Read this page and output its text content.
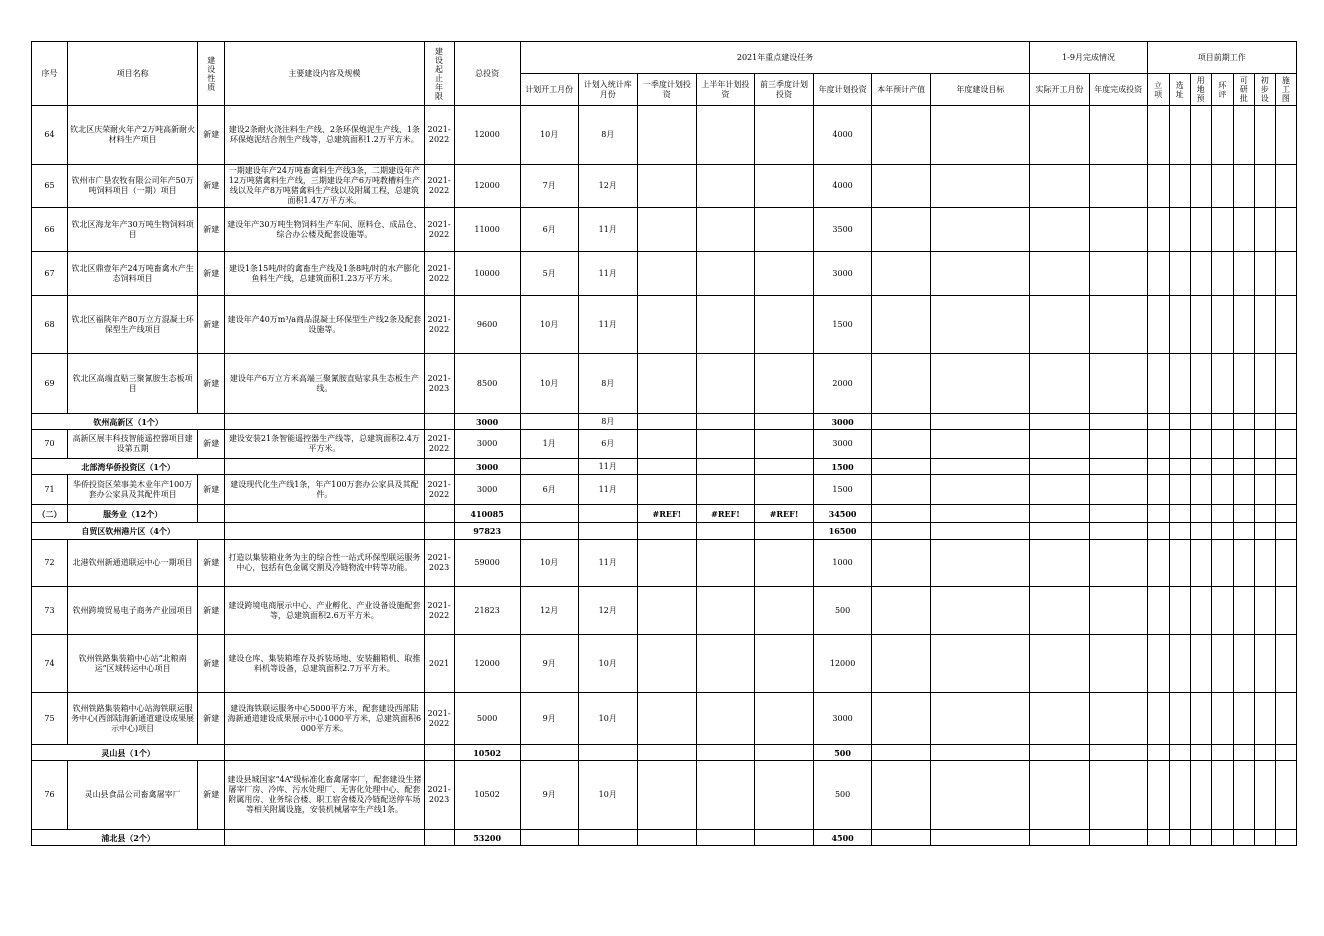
序号	项目名称	建设性质	主要建设内容及规模	建设起止年限	总投资	2021年重点建设任务								1-9月完成情况		项目前期工作						
						计划开工月份	计划入统计库月份	一季度计划投资	上半年计划投资	前三季度计划投资	年度计划投资	本年预计产值	年度建设目标	实际开工月份	年度完成投资	立项	选址	用地预	环评	可研批	初步设	施工图

64	钦北区庆荣耐火年产2万吨高新耐火材料生产项目	新建	建设2条耐火浇注料生产线、2条环保炮泥生产线、1条环保炮泥结合剂生产线等，总建筑面积1.2万平方米。	2021-2022	12000	10月	8月				4000											
65	钦州市广垦农牧有限公司年产50万吨饲料项目（一期）项目	新建	一期建设年产24万吨畜禽料生产线3条，二期建设年产12万吨猪禽料生产线，三期建设年产6万吨教槽料生产线以及年产8万吨猪禽料生产线以及附属工程，总建筑面积1.47万平方米。	2021-2022	12000	7月	12月				4000											
66	钦北区海龙年产30万吨生物饲料项目	新建	建设年产30万吨生物饲料生产车间、原料仓、成品仓、综合办公楼及配套设施等。	2021-2022	11000	6月	11月				3500											
67	钦北区鼎壹年产24万吨畜禽水产生态饲料项目	新建	建设1条15吨/时的禽畜生产线及1条8吨/时的水产膨化鱼料生产线，总建筑面积1.23万平方米。	2021-2022	10000	5月	11月				3000											
68	钦北区福陕年产80万立方混凝土环保型生产线项目	新建	建设年产40万m³/a商品混凝土环保型生产线2条及配套设施等。	2021-2022	9600	10月	11月				1500											
69	钦北区高端直贴三聚氰胺生态板项目	新建	建设年产6万立方米高端三聚氰胺直贴家具生态板生产线。	2021-2023	8500	10月	8月				2000											
钦州高新区（1个）					3000		8月				3000											
70	高新区展丰科技智能遥控器项目建设第五期	新建	建设安装21条智能遥控器生产线等，总建筑面积2.4万平方米。	2021-2022	3000	1月	6月				3000											
北部湾华侨投资区（1个）					3000		11月				1500											
71	华侨投资区荣事美木业年产100万套办公家具及其配件项目	新建	建设现代化生产线1条，年产100万套办公家具及其配件。	2021-2022	3000	6月	11月				1500											
（二）	服务业（12个）				410085			#REF!	#REF!	#REF!	34500											
自贸区钦州港片区（4个）					97823						16500											
72	北港钦州新通道联运中心一期项目	新建	打造以集装箱业务为主的综合性一站式环保型联运服务中心，包括有色金属交割及冷链物流中转等功能。	2021-2023	59000	10月	11月				1000											
73	钦州跨境贸易电子商务产业园项目	新建	建设跨境电商展示中心、产业孵化、产业设备设施配套等，总建筑面积2.6万平方米。	2021-2022	21823	12月	12月				500											
74	钦州铁路集装箱中心站“北粮南运”区域转运中心项目	新建	建设仓库、集装箱堆存及拆装场地、安装翻箱机、取推料机等设备，总建筑面积2.7万平方米。	2021	12000	9月	10月				12000											
75	钦州铁路集装箱中心站海铁联运服务中心(西部陆海新通道建设成果展示中心)项目	新建	建设海铁联运服务中心5000平方米，配套建设西部陆海新通道建设成果展示中心1000平方米，总建筑面积6000平方米。	2021-2022	5000	9月	10月				3000											
灵山县（1个）					10502						500											
76	灵山县食品公司畜禽屠宰厂	新建	建设县城国家“4A”级标准化畜禽屠宰厂，配套建设生猪屠宰厂房、冷库、污水处理厂、无害化处理中心、配套附属用房、业务综合楼、职工宿舍楼及冷链配送停车场等相关附属设施，安装机械屠宰生产线1条。	2021-2023	10502	9月	10月				500											
浦北县（2个）					53200						4500											
